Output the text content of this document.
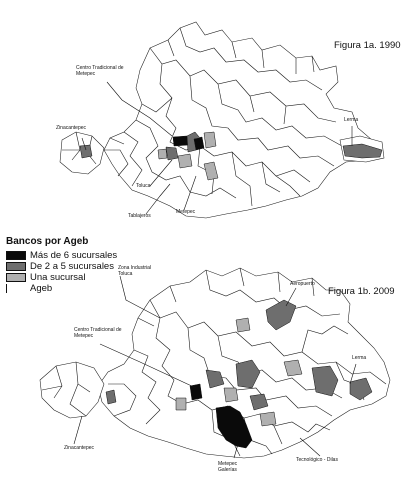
Figura 1a. 1990
Figura 1b. 2009
Centro Tradicional de Metepec
Zinacantepec
Lerma
Toluca
Tablajeros
Metepec
Bancos por Ageb
Más de 6 sucursales
De 2 a 5 sucursales
Una sucursal
Ageb
Zona Industrial Toluca
Aeropuerto
Centro Tradicional de Metepec
Lerma
Zinacantepec
Metepec Galerías
Tecnológico - Dilas
